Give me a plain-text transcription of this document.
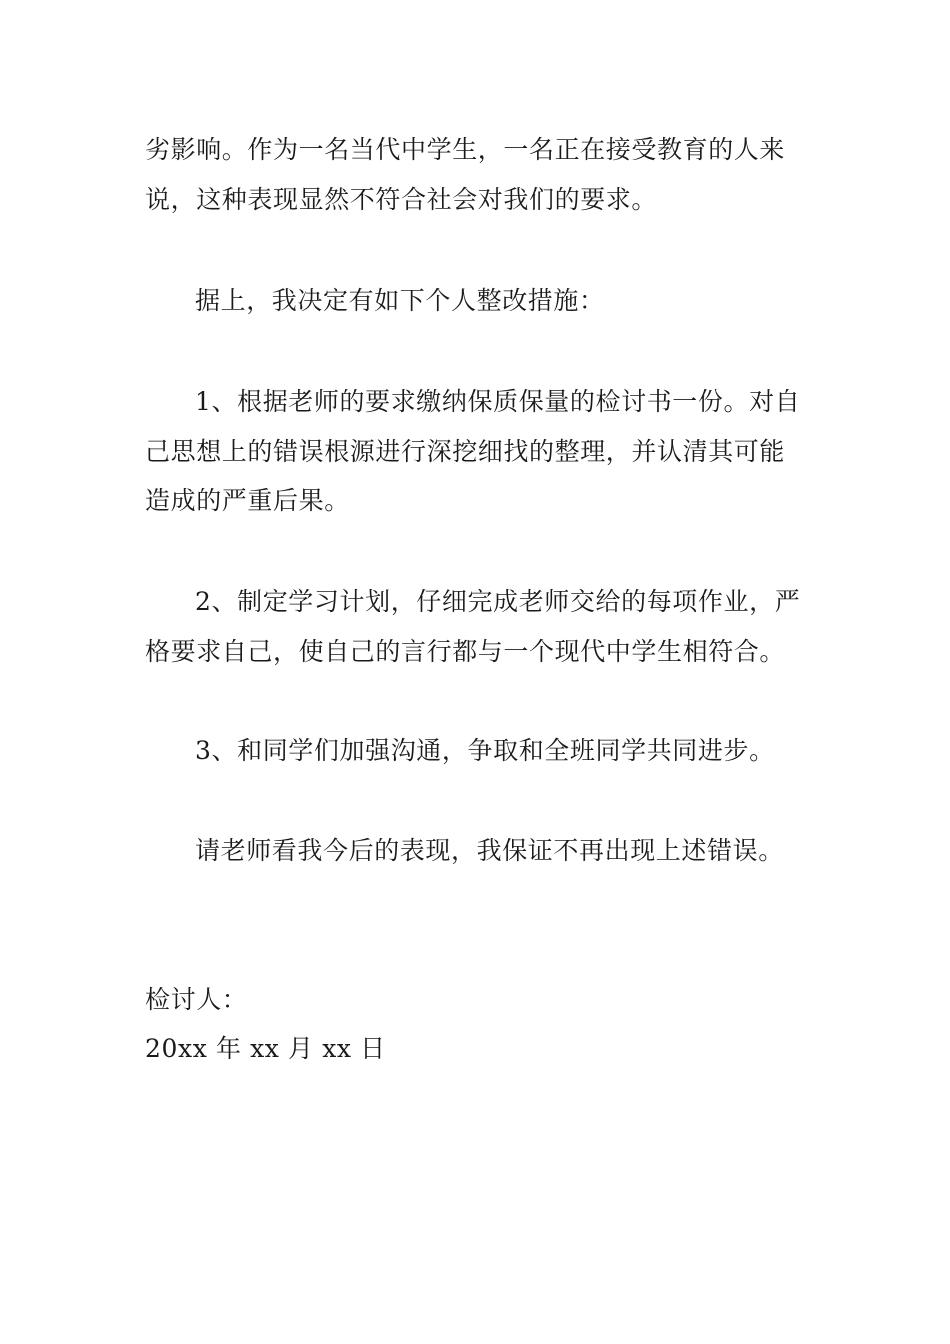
劣影响。作为一名当代中学生，一名正在接受教育的人来
说，这种表现显然不符合社会对我们的要求。
据上，我决定有如下个人整改措施：
1、根据老师的要求缴纳保质保量的检讨书一份。对自
己思想上的错误根源进行深挖细找的整理，并认清其可能
造成的严重后果。
2、制定学习计划，仔细完成老师交给的每项作业，严
格要求自己，使自己的言行都与一个现代中学生相符合。
3、和同学们加强沟通，争取和全班同学共同进步。
请老师看我今后的表现，我保证不再出现上述错误。
检讨人：
20xx 年 xx 月 xx 日
